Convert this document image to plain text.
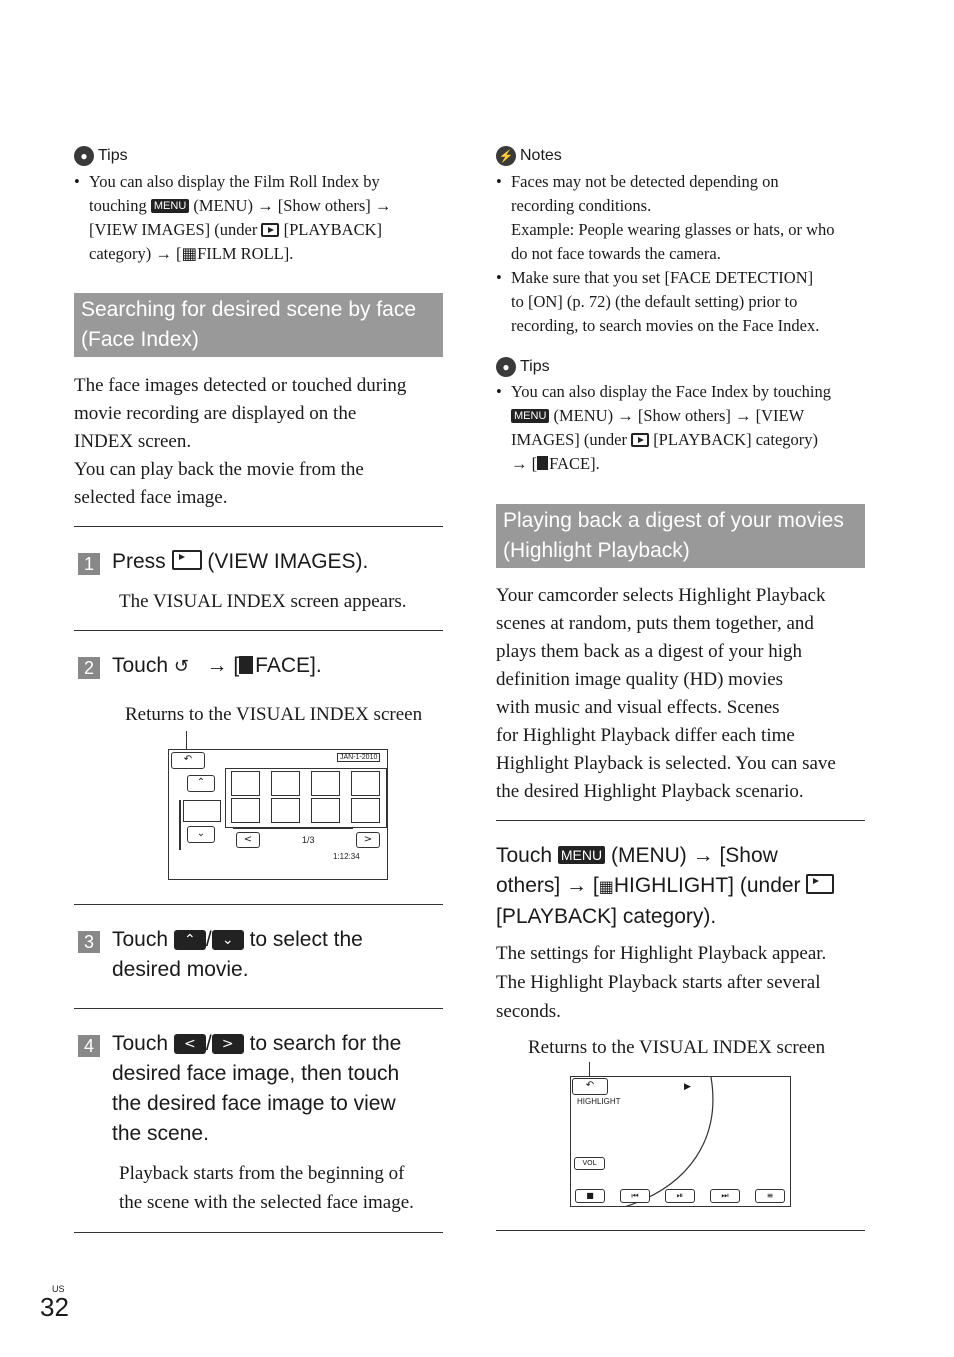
● Tips
• You can also display the Film Roll Index by
touching MENU (MENU) → [Show others] →
[VIEW IMAGES] (under [PLAYBACK]
category) → [▦FILM ROLL].
Searching for desired scene by face (Face Index)
The face images detected or touched during
movie recording are displayed on the
INDEX screen.
You can play back the movie from the
selected face image.
1 Press (VIEW IMAGES).
The VISUAL INDEX screen appears.
2 Touch ↺ → [ FACE].
Returns to the VISUAL INDEX screen
↶	JAN-1-2010
⌃
⌄
<	1/3	>
1:12:34
3 Touch ⌃ / ⌄ to select the
desired movie.
4 Touch < / > to search for the
desired face image, then touch
the desired face image to view
the scene.
Playback starts from the beginning of
the scene with the selected face image.
⚡ Notes
• Faces may not be detected depending on
recording conditions.
Example: People wearing glasses or hats, or who
do not face towards the camera.
• Make sure that you set [FACE DETECTION]
to [ON] (p. 72) (the default setting) prior to
recording, to search movies on the Face Index.
● Tips
• You can also display the Face Index by touching
MENU (MENU) → [Show others] → [VIEW
IMAGES] (under [PLAYBACK] category)
→ [ FACE].
Playing back a digest of your movies (Highlight Playback)
Your camcorder selects Highlight Playback
scenes at random, puts them together, and
plays them back as a digest of your high
definition image quality (HD) movies
with music and visual effects. Scenes
for Highlight Playback differ each time
Highlight Playback is selected. You can save
the desired Highlight Playback scenario.
Touch MENU (MENU) → [Show
others] → [▦HIGHLIGHT] (under
[PLAYBACK] category).
The settings for Highlight Playback appear.
The Highlight Playback starts after several
seconds.
Returns to the VISUAL INDEX screen
↶	▶
HIGHLIGHT
VOL
■	⏮	⏯	⏭	≡
US
32
